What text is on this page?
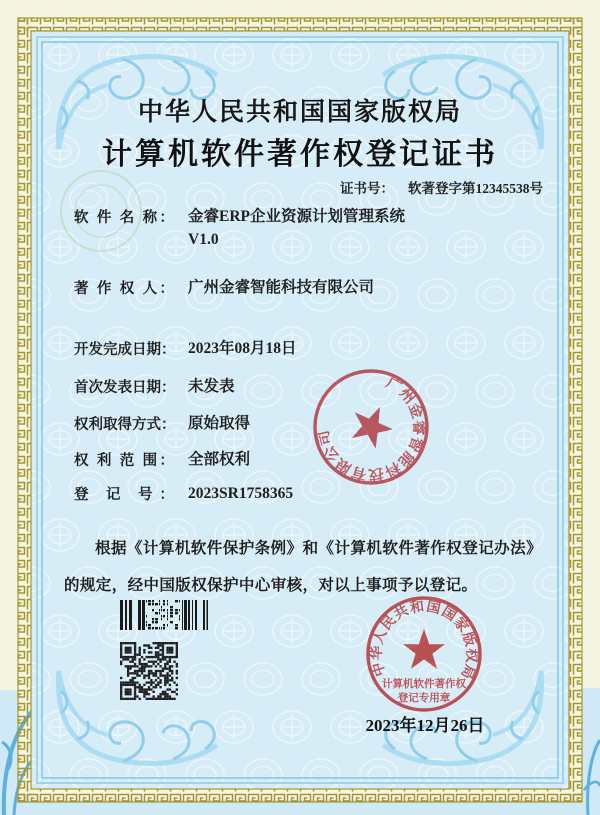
中华人民共和国国家版权局
计算机软件著作权登记证书
证书号： 软著登字第12345538号
软 件 名 称： 金睿ERP企业资源计划管理系统
V1.0
著 作 权 人： 广州金睿智能科技有限公司
开发完成日期： 2023年08月18日
首次发表日期： 未发表
权利取得方式： 原始取得
权 利 范 围： 全部权利
登 记 号： 2023SR1758365

根据《计算机软件保护条例》和《计算机软件著作权登记办法》的规定，经中国版权保护中心审核，对以上事项予以登记。

2023年12月26日
广州金睿智能科技有限公司
中华人民共和国国家版权局
计算机软件著作权
登记专用章
